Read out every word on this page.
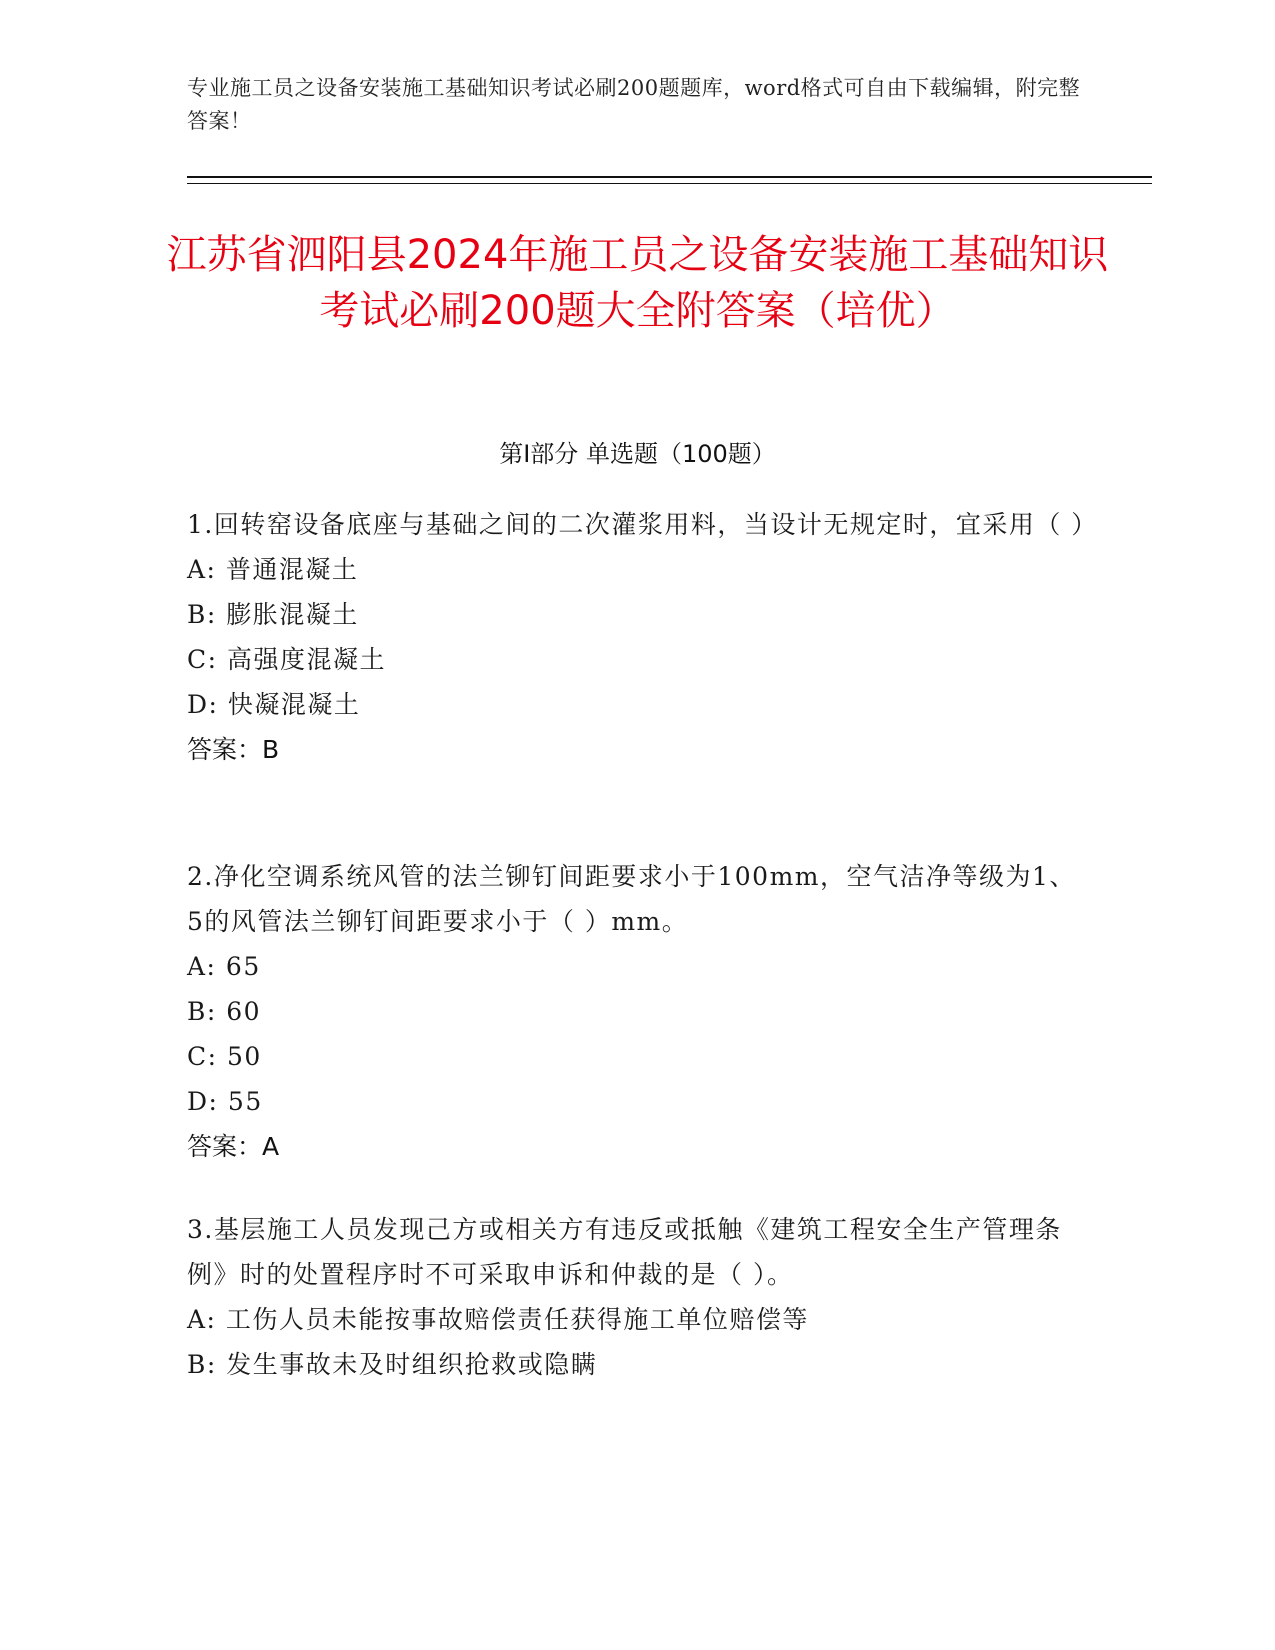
专业施工员之设备安装施工基础知识考试必刷200题题库，word格式可自由下载编辑，附完整答案！
江苏省泗阳县2024年施工员之设备安装施工基础知识考试必刷200题大全附答案（培优）
第Ⅰ部分 单选题（100题）
1.回转窑设备底座与基础之间的二次灌浆用料，当设计无规定时，宜采用（ ）
A: 普通混凝土
B: 膨胀混凝土
C: 高强度混凝土
D: 快凝混凝土
答案：B
2.净化空调系统风管的法兰铆钉间距要求小于100mm，空气洁净等级为1、5的风管法兰铆钉间距要求小于（ ）mm。
A: 65
B: 60
C: 50
D: 55
答案：A
3.基层施工人员发现己方或相关方有违反或抵触《建筑工程安全生产管理条例》时的处置程序时不可采取申诉和仲裁的是（ ）。
A: 工伤人员未能按事故赔偿责任获得施工单位赔偿等
B: 发生事故未及时组织抢救或隐瞒
